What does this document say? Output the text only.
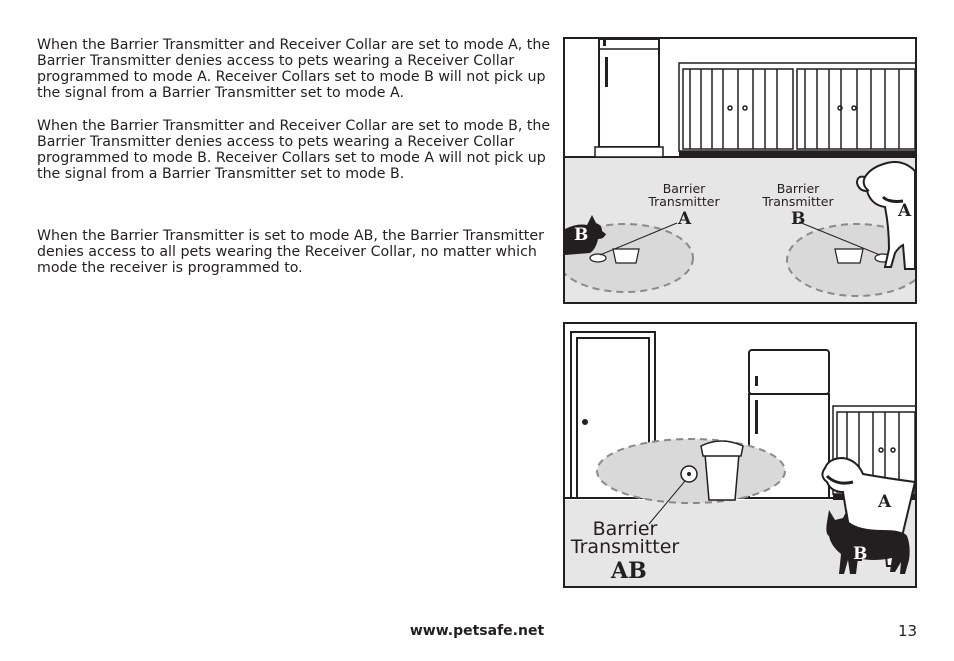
When the Barrier Transmitter and Receiver Collar are set to mode A, the Barrier Transmitter denies access to pets wearing a Receiver Collar programmed to mode A. Receiver Collars set to mode B will not pick up the signal from a Barrier Transmitter set to mode A.

When the Barrier Transmitter and Receiver Collar are set to mode B, the Barrier Transmitter denies access to pets wearing a Receiver Collar programmed to mode B. Receiver Collars set to mode A will not pick up the signal from a Barrier Transmitter set to mode B.

When the Barrier Transmitter is set to mode AB, the Barrier Transmitter denies access to all pets wearing the Receiver Collar, no matter which mode the receiver is programmed to.

Barrier Transmitter
A
Barrier Transmitter
B
B
A
Barrier Transmitter
AB
A
B
www.petsafe.net	13
